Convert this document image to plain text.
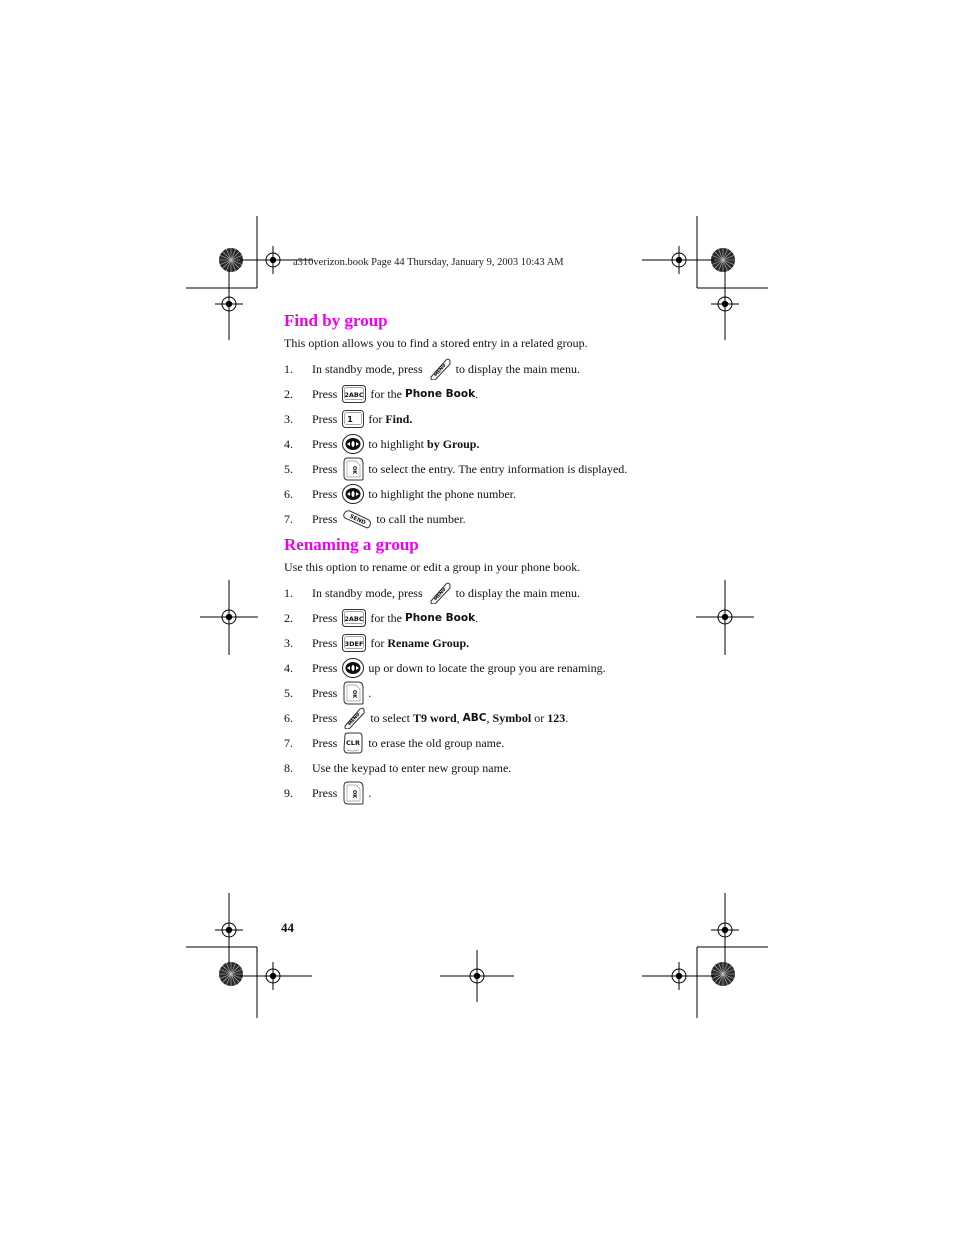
a310verizon.book Page 44 Thursday, January 9, 2003 10:43 AM
Find by group
This option allows you to find a stored entry in a related group.
1.	In standby mode, press MENU to display the main menu.
2.	Press 2ABC for the Phone Book .
3.	Press 1 for Find.
4.	Press to highlight by Group.
5.	Press OK to select the entry. The entry information is displayed.
6.	Press to highlight the phone number.
7.	Press SEND to call the number.
Renaming a group
Use this option to rename or edit a group in your phone book.
1.	In standby mode, press MENU to display the main menu.
2.	Press 2ABC for the Phone Book .
3.	Press 3DEF for Rename Group.
4.	Press up or down to locate the group you are renaming.
5.	Press OK .
6.	Press MENU to select T9 word , ABC , Symbol or 123 .
7.	Press CLR to erase the old group name.
8.	Use the keypad to enter new group name.
9.	Press OK .
44
